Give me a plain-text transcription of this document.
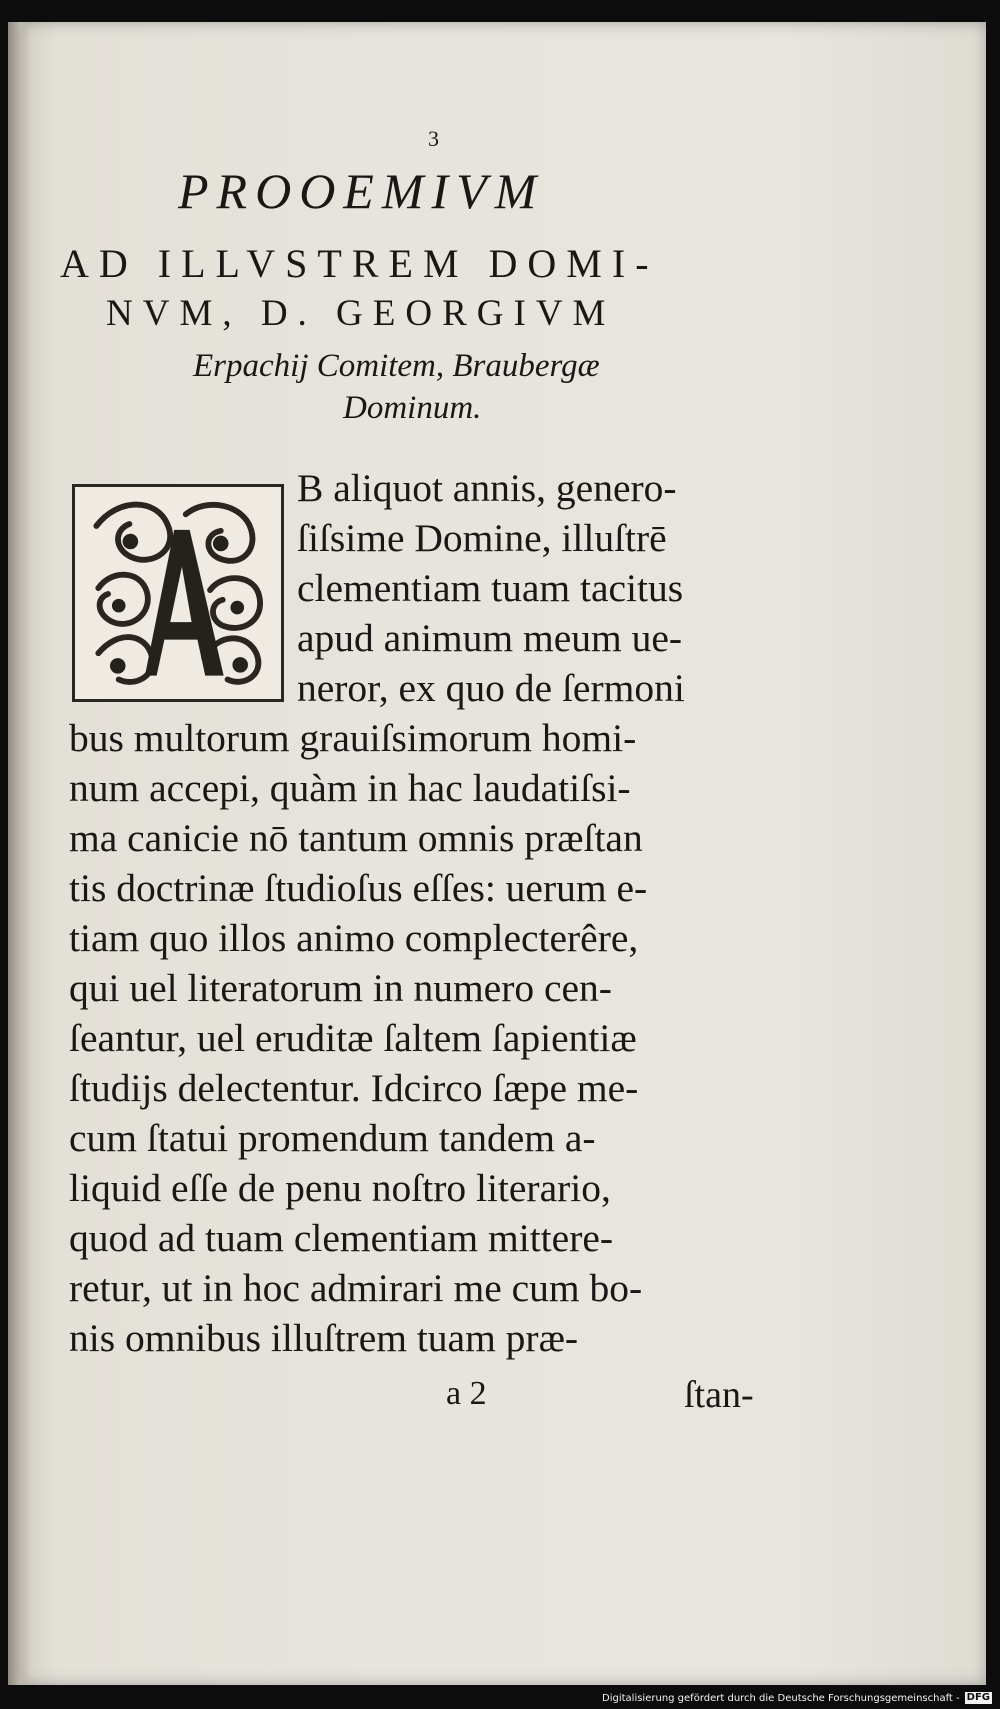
3
PROOEMIVM
AD ILLVSTREM DOMI-
NVM, D. GEORGIVM
Erpachij Comitem, Braubergæ
Dominum.
B aliquot annis, genero-
ſiſsime Domine, illuſtrē
clementiam tuam tacitus
apud animum meum ue-
neror, ex quo de ſermoni
bus multorum grauiſsimorum homi-
num accepi, quàm in hac laudatiſsi-
ma canicie nō tantum omnis præſtan
tis doctrinæ ſtudioſus eſſes: uerum e-
tiam quo illos animo complecterêre,
qui uel literatorum in numero cen-
ſeantur, uel eruditæ ſaltem ſapientiæ
ſtudijs delectentur. Idcirco ſæpe me-
cum ſtatui promendum tandem a-
liquid eſſe de penu noſtro literario,
quod ad tuam clementiam mittere-
retur, ut in hoc admirari me cum bo-
nis omnibus illuſtrem tuam præ-
a 2	ſtan-
Digitalisierung gefördert durch die Deutsche Forschungsgemeinschaft - DFG
